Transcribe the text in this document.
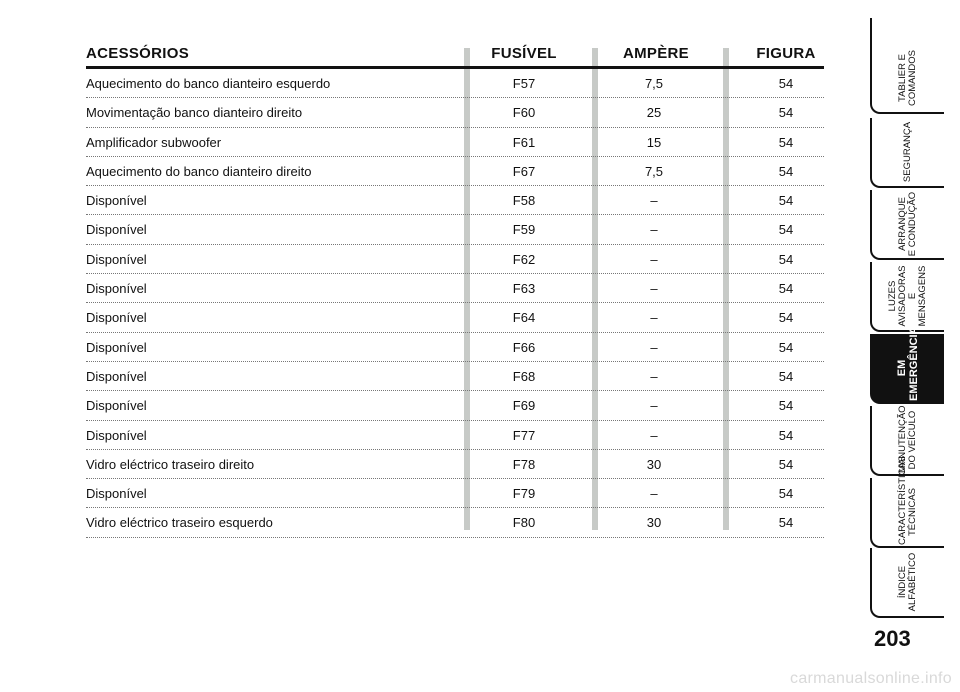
ACESSÓRIOS	FUSÍVEL	AMPÈRE	FIGURA
Aquecimento do banco dianteiro esquerdo	F57	7,5	54
Movimentação banco dianteiro direito	F60	25	54
Amplificador subwoofer	F61	15	54
Aquecimento do banco dianteiro direito	F67	7,5	54
Disponível	F58	–	54
Disponível	F59	–	54
Disponível	F62	–	54
Disponível	F63	–	54
Disponível	F64	–	54
Disponível	F66	–	54
Disponível	F68	–	54
Disponível	F69	–	54
Disponível	F77	–	54
Vidro eléctrico traseiro direito	F78	30	54
Disponível	F79	–	54
Vidro eléctrico traseiro esquerdo	F80	30	54
TABLIER E
COMANDOS
SEGURANÇA
ARRANQUE
E CONDUÇÃO
LUZES
AVISADORAS
E MENSAGENS
EM
EMERGÊNCIA
MANUTENÇÃO
DO VEÍCULO
CARACTERÍSTICAS
TÉCNICAS
ÍNDICE
ALFABÉTICO
203
carmanualsonline.info
